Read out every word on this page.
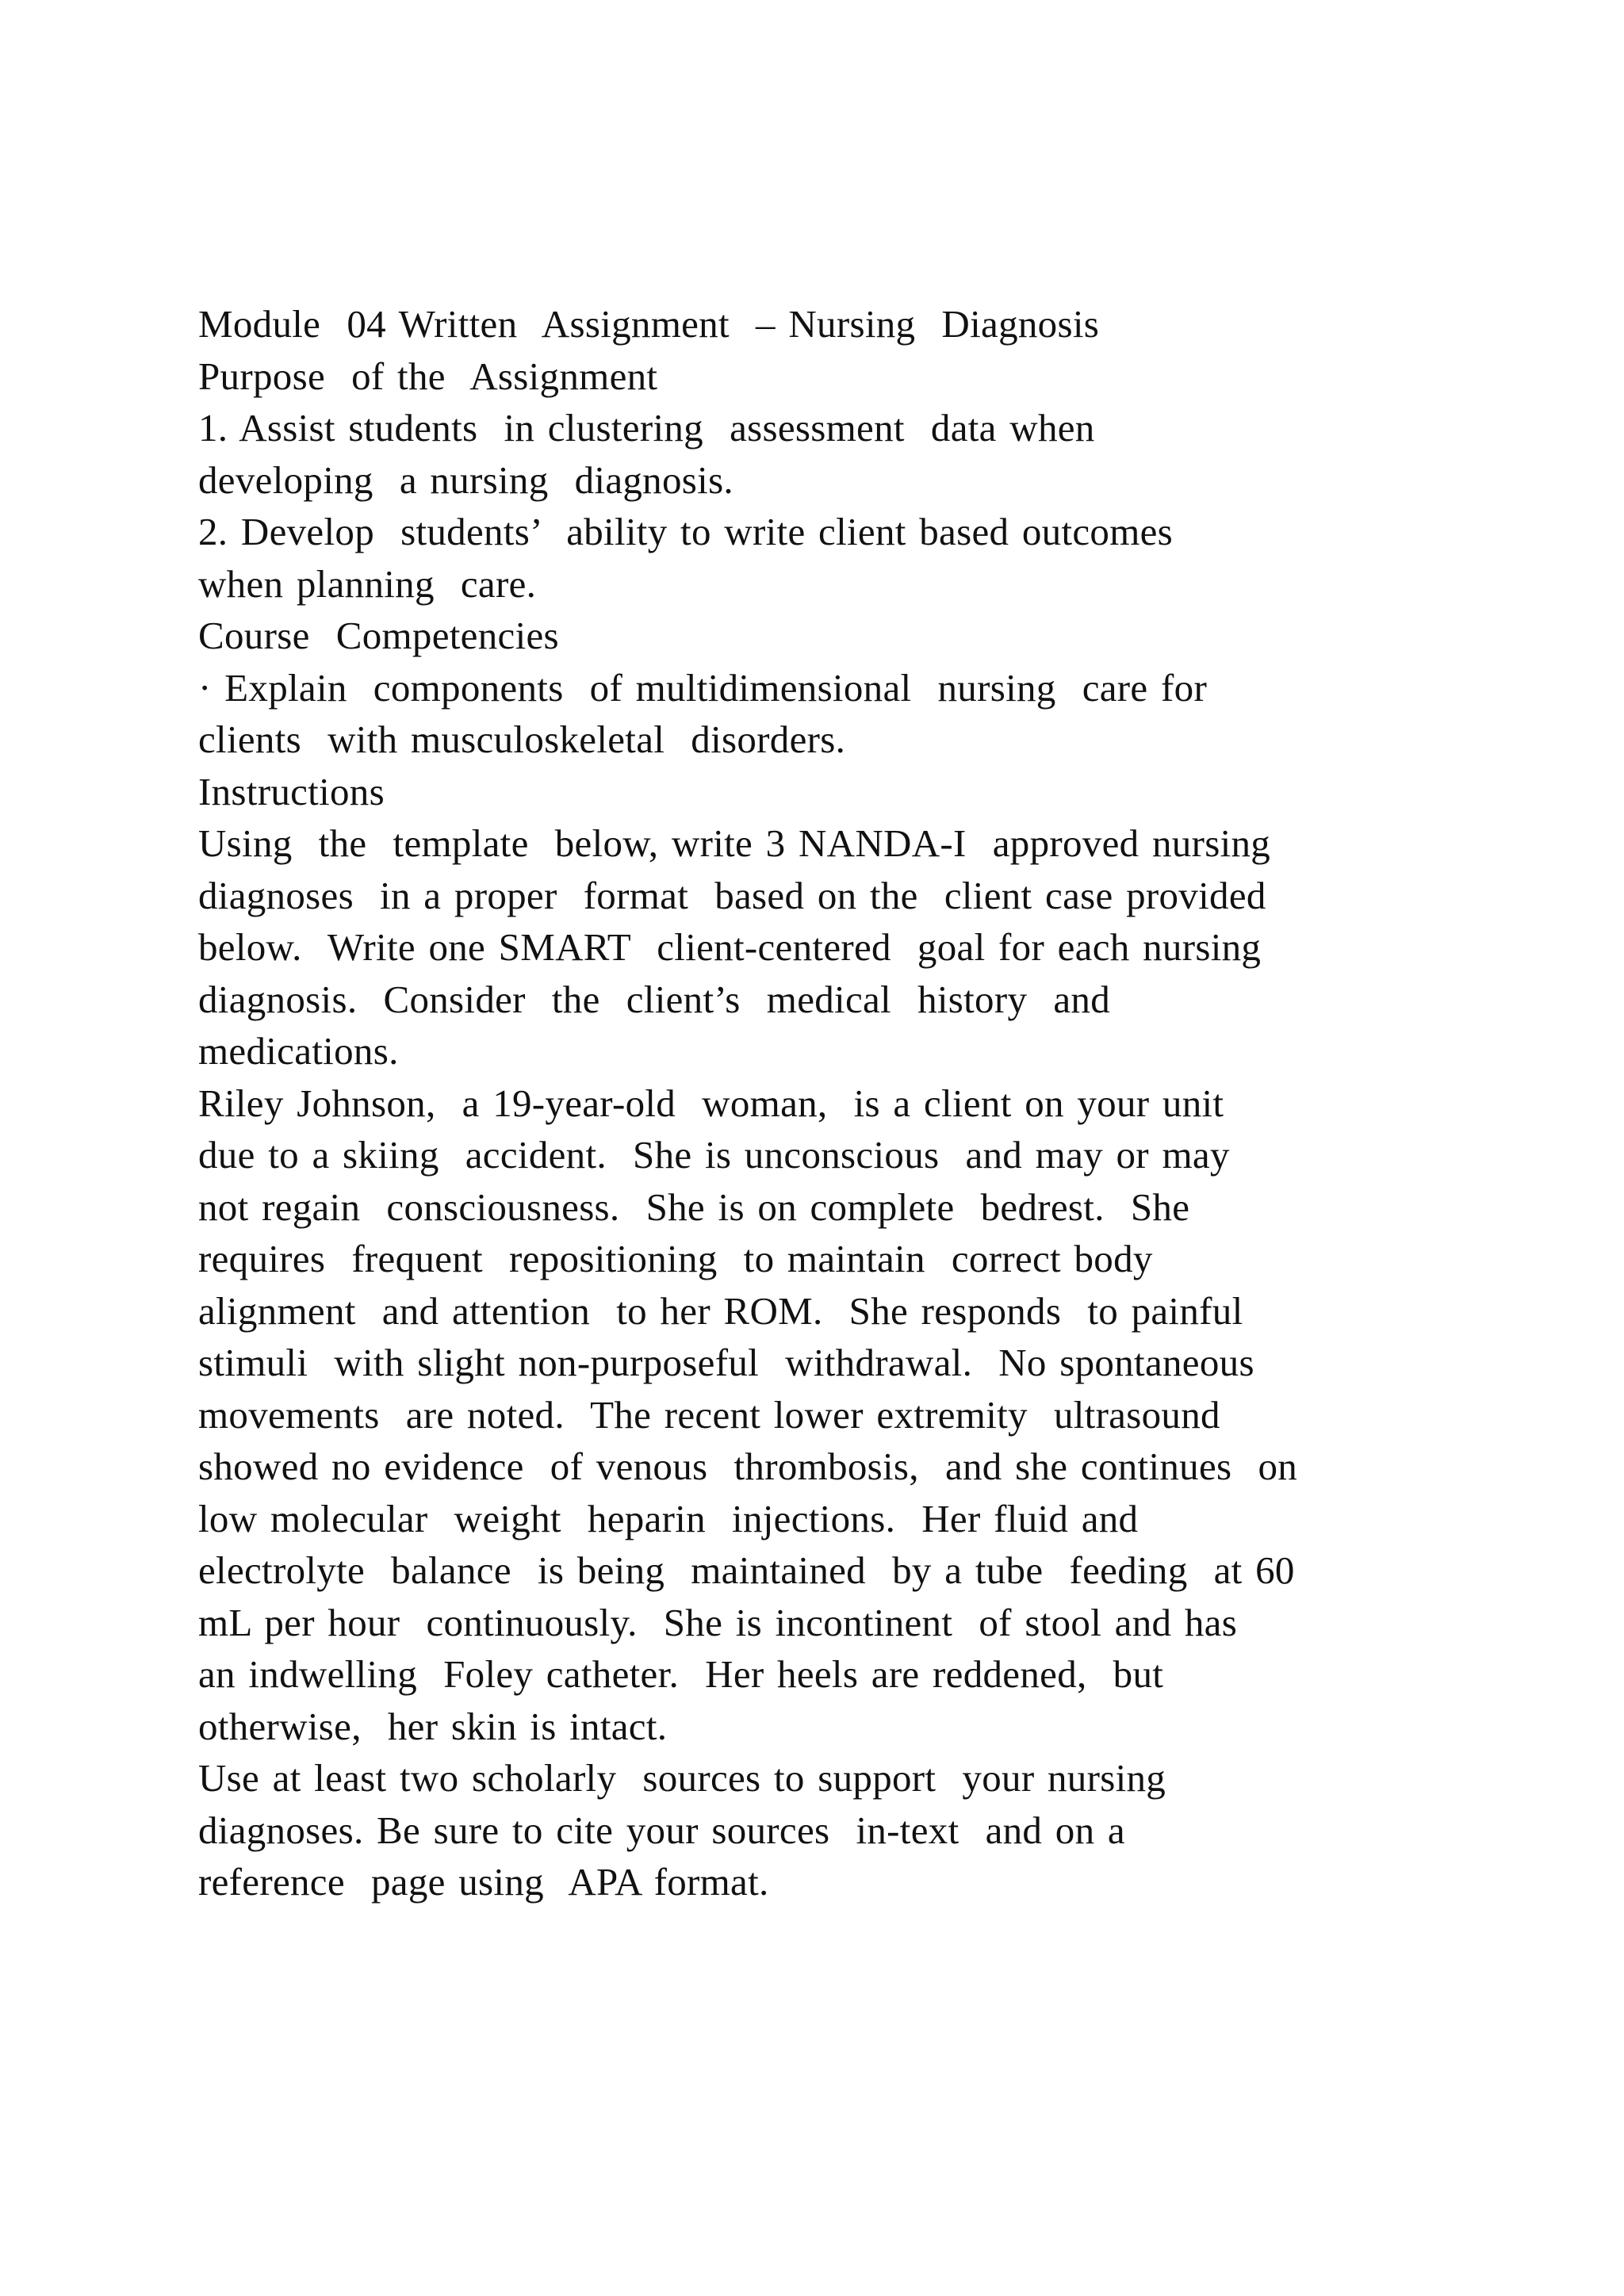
Module  04 Written  Assignment  – Nursing  Diagnosis
Purpose  of the  Assignment
1. Assist students  in clustering  assessment  data when
developing  a nursing  diagnosis.
2. Develop  students’  ability to write client based outcomes
when planning  care.
Course  Competencies
· Explain  components  of multidimensional  nursing  care for
clients  with musculoskeletal  disorders.
Instructions
Using  the  template  below, write 3 NANDA-I  approved nursing
diagnoses  in a proper  format  based on the  client case provided
below.  Write one SMART  client-centered  goal for each nursing
diagnosis.  Consider  the  client’s  medical  history  and
medications.
Riley Johnson,  a 19-year-old  woman,  is a client on your unit
due to a skiing  accident.  She is unconscious  and may or may
not regain  consciousness.  She is on complete  bedrest.  She
requires  frequent  repositioning  to maintain  correct body
alignment  and attention  to her ROM.  She responds  to painful
stimuli  with slight non-purposeful  withdrawal.  No spontaneous
movements  are noted.  The recent lower extremity  ultrasound
showed no evidence  of venous  thrombosis,  and she continues  on
low molecular  weight  heparin  injections.  Her fluid and
electrolyte  balance  is being  maintained  by a tube  feeding  at 60
mL per hour  continuously.  She is incontinent  of stool and has
an indwelling  Foley catheter.  Her heels are reddened,  but
otherwise,  her skin is intact.
Use at least two scholarly  sources to support  your nursing
diagnoses. Be sure to cite your sources  in-text  and on a
reference  page using  APA format.
